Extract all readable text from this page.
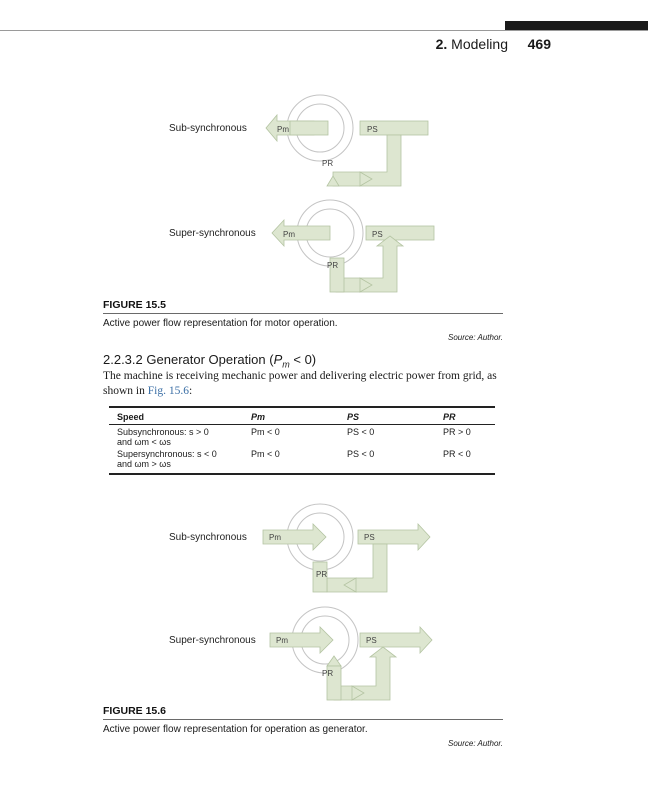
2. Modeling 469
Pm	PS
PR
Pm	PS
PR
Sub-synchronous
Super-synchronous
FIGURE 15.5
Active power flow representation for motor operation.
Source: Author.
2.2.3.2 Generator Operation $(P_m < 0)$
The machine is receiving mechanic power and delivering electric power from grid, as shown in Fig. 15.6:
Speed	Pm	PS	PR
Subsynchronous: s > 0
and ωm < ωs	Pm < 0	PS < 0	PR > 0
Supersynchronous: s < 0
and ωm > ωs	Pm < 0	PS < 0	PR < 0
Pm	PS
PR
Pm	PS
PR
Sub-synchronous
Super-synchronous
FIGURE 15.6
Active power flow representation for operation as generator.
Source: Author.
